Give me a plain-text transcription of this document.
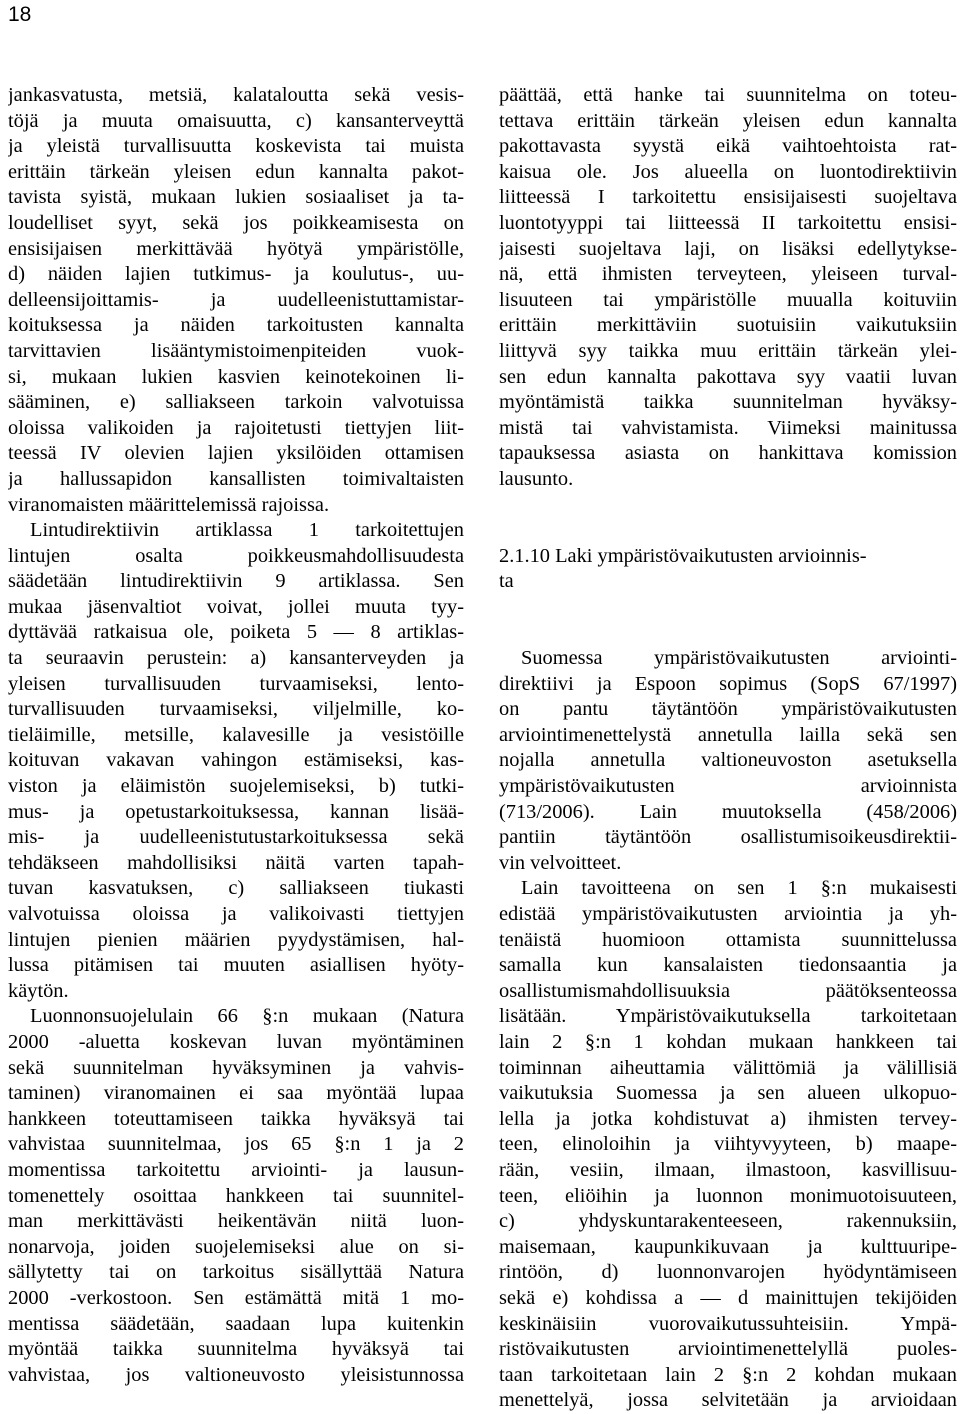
18
jankasvatusta, metsiä, kalataloutta sekä vesis-
töjä ja muuta omaisuutta, c) kansanterveyttä
ja yleistä turvallisuutta koskevista tai muista
erittäin tärkeän yleisen edun kannalta pakot-
tavista syistä, mukaan lukien sosiaaliset ja ta-
loudelliset syyt, sekä jos poikkeamisesta on
ensisijaisen merkittävää hyötyä ympäristölle,
d) näiden lajien tutkimus- ja koulutus-, uu-
delleensijoittamis- ja uudelleenistuttamistar-
koituksessa ja näiden tarkoitusten kannalta
tarvittavien lisääntymistoimenpiteiden vuok-
si, mukaan lukien kasvien keinotekoinen li-
sääminen, e) salliakseen tarkoin valvotuissa
oloissa valikoiden ja rajoitetusti tiettyjen liit-
teessä IV olevien lajien yksilöiden ottamisen
ja hallussapidon kansallisten toimivaltaisten
viranomaisten määrittelemissä rajoissa.
Lintudirektiivin artiklassa 1 tarkoitettujen
lintujen osalta poikkeusmahdollisuudesta
säädetään lintudirektiivin 9 artiklassa. Sen
mukaa jäsenvaltiot voivat, jollei muuta tyy-
dyttävää ratkaisua ole, poiketa 5 — 8 artiklas-
ta seuraavin perustein: a) kansanterveyden ja
yleisen turvallisuuden turvaamiseksi, lento-
turvallisuuden turvaamiseksi, viljelmille, ko-
tieläimille, metsille, kalavesille ja vesistöille
koituvan vakavan vahingon estämiseksi, kas-
viston ja eläimistön suojelemiseksi, b) tutki-
mus- ja opetustarkoituksessa, kannan lisää-
mis- ja uudelleenistutustarkoituksessa sekä
tehdäkseen mahdollisiksi näitä varten tapah-
tuvan kasvatuksen, c) salliakseen tiukasti
valvotuissa oloissa ja valikoivasti tiettyjen
lintujen pienien määrien pyydystämisen, hal-
lussa pitämisen tai muuten asiallisen hyöty-
käytön.
Luonnonsuojelulain 66 §:n mukaan (Natura
2000 -aluetta koskevan luvan myöntäminen
sekä suunnitelman hyväksyminen ja vahvis-
taminen) viranomainen ei saa myöntää lupaa
hankkeen toteuttamiseen taikka hyväksyä tai
vahvistaa suunnitelmaa, jos 65 §:n 1 ja 2
momentissa tarkoitettu arviointi- ja lausun-
tomenettely osoittaa hankkeen tai suunnitel-
man merkittävästi heikentävän niitä luon-
nonarvoja, joiden suojelemiseksi alue on si-
sällytetty tai on tarkoitus sisällyttää Natura
2000 -verkostoon. Sen estämättä mitä 1 mo-
mentissa säädetään, saadaan lupa kuitenkin
myöntää taikka suunnitelma hyväksyä tai
vahvistaa, jos valtioneuvosto yleisistunnossa
päättää, että hanke tai suunnitelma on toteu-
tettava erittäin tärkeän yleisen edun kannalta
pakottavasta syystä eikä vaihtoehtoista rat-
kaisua ole. Jos alueella on luontodirektiivin
liitteessä I tarkoitettu ensisijaisesti suojeltava
luontotyyppi tai liitteessä II tarkoitettu ensisi-
jaisesti suojeltava laji, on lisäksi edellytykse-
nä, että ihmisten terveyteen, yleiseen turval-
lisuuteen tai ympäristölle muualla koituviin
erittäin merkittäviin suotuisiin vaikutuksiin
liittyvä syy taikka muu erittäin tärkeän ylei-
sen edun kannalta pakottava syy vaatii luvan
myöntämistä taikka suunnitelman hyväksy-
mistä tai vahvistamista. Viimeksi mainitussa
tapauksessa asiasta on hankittava komission
lausunto.
2.1.10 Laki ympäristövaikutusten arvioinnis-
ta
Suomessa ympäristövaikutusten arviointi-
direktiivi ja Espoon sopimus (SopS 67/1997)
on pantu täytäntöön ympäristövaikutusten
arviointimenettelystä annetulla lailla sekä sen
nojalla annetulla valtioneuvoston asetuksella
ympäristövaikutusten arvioinnista
(713/2006). Lain muutoksella (458/2006)
pantiin täytäntöön osallistumisoikeusdirektii-
vin velvoitteet.
Lain tavoitteena on sen 1 §:n mukaisesti
edistää ympäristövaikutusten arviointia ja yh-
tenäistä huomioon ottamista suunnittelussa
samalla kun kansalaisten tiedonsaantia ja
osallistumismahdollisuuksia päätöksenteossa
lisätään. Ympäristövaikutuksella tarkoitetaan
lain 2 §:n 1 kohdan mukaan hankkeen tai
toiminnan aiheuttamia välittömiä ja välillisiä
vaikutuksia Suomessa ja sen alueen ulkopuo-
lella ja jotka kohdistuvat a) ihmisten tervey-
teen, elinoloihin ja viihtyvyyteen, b) maape-
rään, vesiin, ilmaan, ilmastoon, kasvillisuu-
teen, eliöihin ja luonnon monimuotoisuuteen,
c) yhdyskuntarakenteeseen, rakennuksiin,
maisemaan, kaupunkikuvaan ja kulttuuripe-
rintöön, d) luonnonvarojen hyödyntämiseen
sekä e) kohdissa a — d mainittujen tekijöiden
keskinäisiin vuorovaikutussuhteisiin. Ympä-
ristövaikutusten arviointimenettelyllä puoles-
taan tarkoitetaan lain 2 §:n 2 kohdan mukaan
menettelyä, jossa selvitetään ja arvioidaan
